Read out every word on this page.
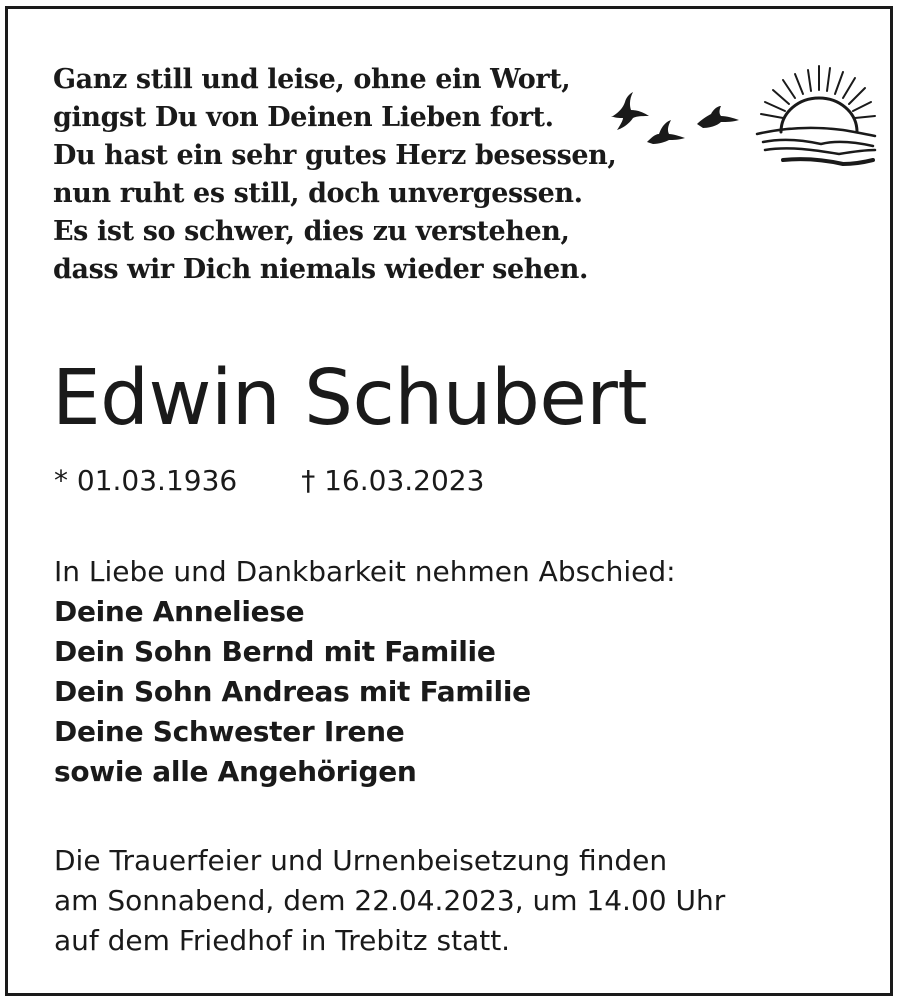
Ganz still und leise, ohne ein Wort,
gingst Du von Deinen Lieben fort.
Du hast ein sehr gutes Herz besessen,
nun ruht es still, doch unvergessen.
Es ist so schwer, dies zu verstehen,
dass wir Dich niemals wieder sehen.
Edwin Schubert
* 01.03.1936 † 16.03.2023
In Liebe und Dankbarkeit nehmen Abschied:
Deine Anneliese
Dein Sohn Bernd mit Familie
Dein Sohn Andreas mit Familie
Deine Schwester Irene
sowie alle Angehörigen
Die Trauerfeier und Urnenbeisetzung finden
am Sonnabend, dem 22.04.2023, um 14.00 Uhr
auf dem Friedhof in Trebitz statt.
